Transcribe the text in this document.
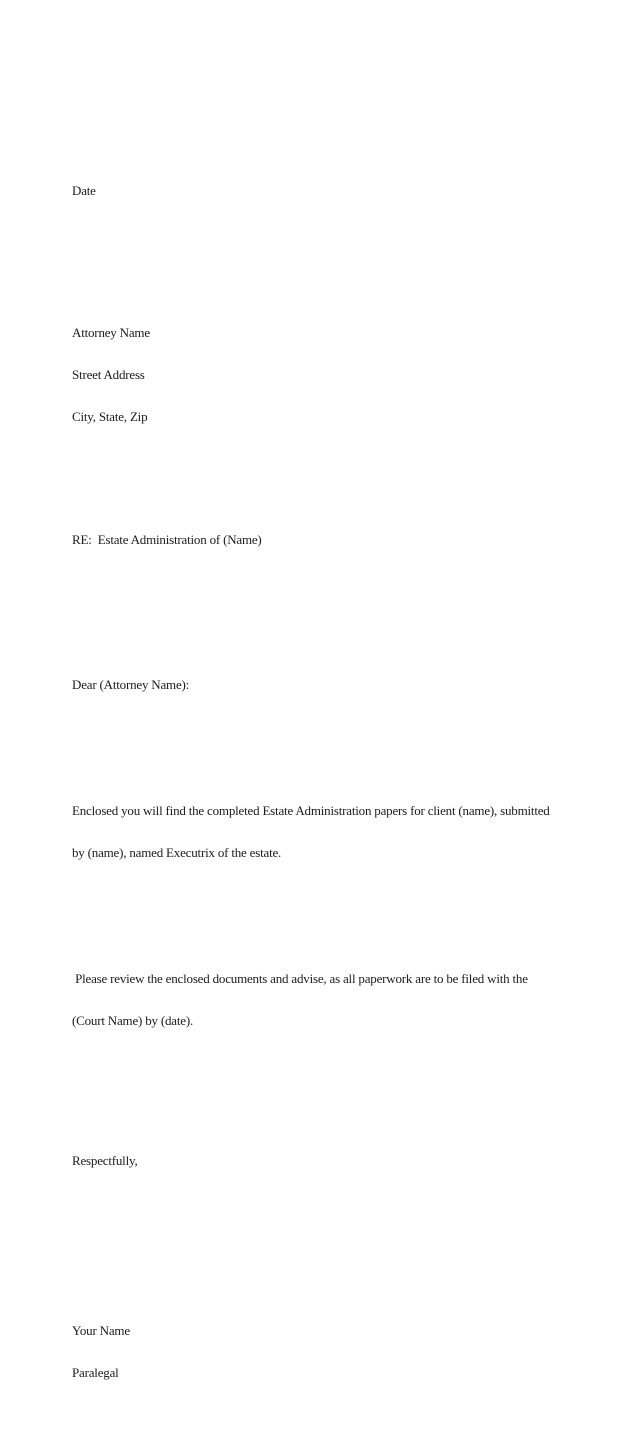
Date

Attorney Name

Street Address

City, State, Zip

RE:  Estate Administration of (Name)

Dear (Attorney Name):

Enclosed you will find the completed Estate Administration papers for client (name), submitted

by (name), named Executrix of the estate.

Please review the enclosed documents and advise, as all paperwork are to be filed with the

(Court Name) by (date).

Respectfully,

Your Name

Paralegal
